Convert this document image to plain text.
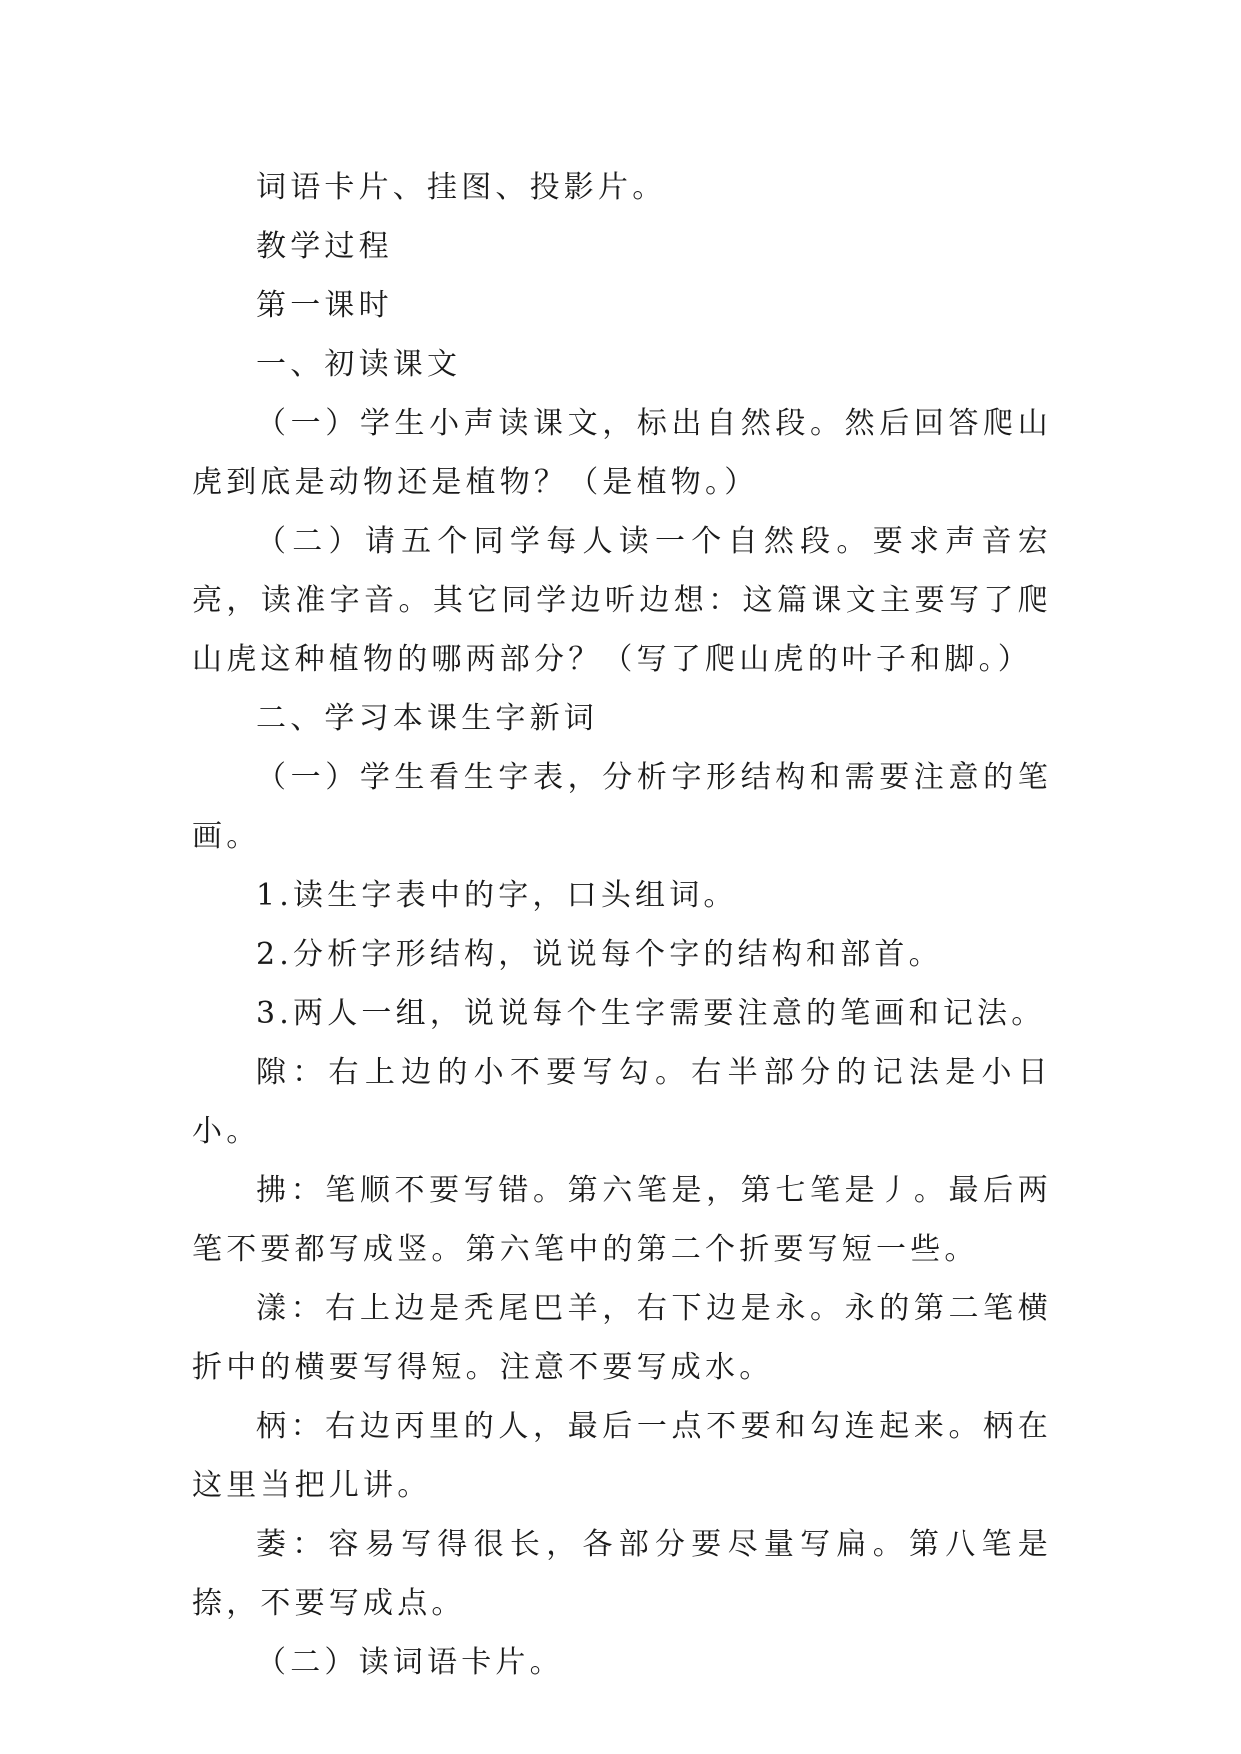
词语卡片、挂图、投影片。

教学过程

第一课时

一、初读课文

（一）学生小声读课文，标出自然段。然后回答爬山虎到底是动物还是植物？（是植物。）

（二）请五个同学每人读一个自然段。要求声音宏亮，读准字音。其它同学边听边想：这篇课文主要写了爬山虎这种植物的哪两部分？（写了爬山虎的叶子和脚。）

二、学习本课生字新词

（一）学生看生字表，分析字形结构和需要注意的笔画。

1.读生字表中的字，口头组词。

2.分析字形结构，说说每个字的结构和部首。

3.两人一组，说说每个生字需要注意的笔画和记法。

隙：右上边的小不要写勾。右半部分的记法是小日小。

拂：笔顺不要写错。第六笔是，第七笔是丿。最后两笔不要都写成竖。第六笔中的第二个折要写短一些。

漾：右上边是秃尾巴羊，右下边是永。永的第二笔横折中的横要写得短。注意不要写成水。

柄：右边丙里的人，最后一点不要和勾连起来。柄在这里当把儿讲。

萎：容易写得很长，各部分要尽量写扁。第八笔是捺，不要写成点。

（二）读词语卡片。
